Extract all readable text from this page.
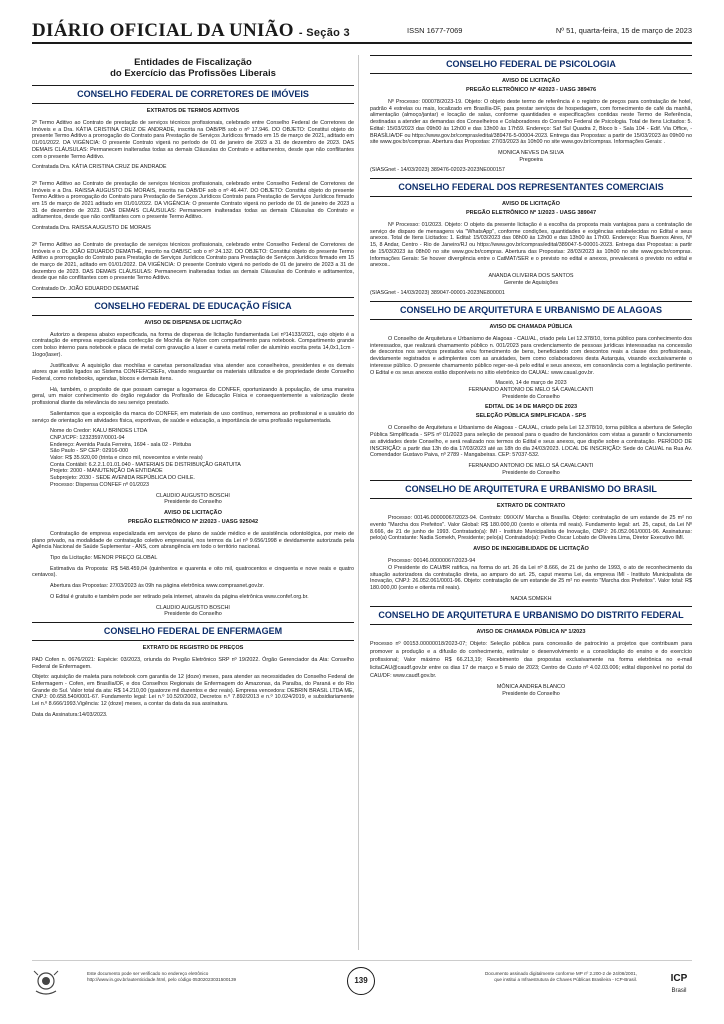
DIÁRIO OFICIAL DA UNIÃO - Seção 3	ISSN 1677-7069	Nº 51, quarta-feira, 15 de março de 2023
Entidades de Fiscalização
do Exercício das Profissões Liberais
CONSELHO FEDERAL DE CORRETORES DE IMÓVEIS
EXTRATOS DE TERMOS ADITIVOS
2º Termo Aditivo ao Contrato de prestação de serviços técnicos profissionais, celebrado entre Conselho Federal de Corretores de Imóveis e a Dra. KÁTIA CRISTINA CRUZ DE ANDRADE, inscrita na OAB/PB sob o nº 17.946. DO OBJETO: Constitui objeto do presente Termo Aditivo a prorrogação do Contrato para Prestação de Serviços Jurídicos firmado em 15 de março de 2021, aditado em 01/01/2022. DA VIGÊNCIA: O presente Contrato vigerá no período de 01 de janeiro de 2023 a 31 de dezembro de 2023. DAS DEMAIS CLÁUSULAS: Permanecem inalteradas todas as demais Cláusulas do Contrato e aditamentos, desde que não conflitantes com o presente Termo Aditivo.
Contratada Dra. KÁTIA CRISTINA CRUZ DE ANDRADE
2º Termo Aditivo ao Contrato de prestação de serviços técnicos profissionais, celebrado entre Conselho Federal de Corretores de Imóveis e a Dra. RAISSA AUGUSTO DE MORAIS, inscrita na OAB/DF sob o nº 46.447. DO OBJETO: Constitui objeto do presente Termo Aditivo a prorrogação do Contrato para Prestação de Serviços Jurídicos Contrato para Prestação de Serviços Jurídicos firmado em 15 de março de 2021 aditado em 01/01/2022. DA VIGÊNCIA: O presente Contrato vigerá no período de 01 de janeiro de 2023 a 31 de dezembro de 2023. DAS DEMAIS CLÁUSULAS: Permanecem inalteradas todas as demais Cláusulas do Contrato e aditamentos, desde que não conflitantes com o presente Termo Aditivo.
Contratada Dra. RAISSA AUGUSTO DE MORAIS
2º Termo Aditivo ao Contrato de prestação de serviços técnicos profissionais, celebrado entre Conselho Federal de Corretores de Imóveis e o Dr. JOÃO EDUARDO DEMATHÉ, inscrito na OAB/SC sob o nº 24.132. DO OBJETO: Constitui objeto do presente Termo Aditivo a prorrogação do Contrato para Prestação de Serviços Jurídicos Contrato para Prestação de Serviços Jurídicos firmado em 15 de março de 2021, aditado em 01/01/2022. DA VIGÊNCIA: O presente Contrato vigerá no período de 01 de janeiro de 2023 a 31 de dezembro de 2023. DAS DEMAIS CLÁUSULAS: Permanecem inalteradas todas as demais Cláusulas do Contrato e aditamentos, desde que não conflitantes com o presente Termo Aditivo.
Contratado Dr. JOÃO EDUARDO DEMATHÉ
CONSELHO FEDERAL DE EDUCAÇÃO FÍSICA
AVISO DE DISPENSA DE LICITAÇÃO
Autorizo a despesa abaixo especificada, na forma de dispensa de licitação fundamentada Lei nº14133/2021, cujo objeto é a contratação de empresa especializada confecção de Mochila de Nylon com compartimento para notebook. Compartimento grande com bolso interno para notebook e placa de metal com gravação a laser e caneta metal roller de alumínio escrita preta 14,0x1,1cm - 1logo(laser).
Justificativa: A aquisição das mochilas e canetas personalizadas visa atender aos conselheiros, presidentes e os demais atores que estão ligados ao Sistema CONFEF/CREFs, visando resguardar os materiais utilizados e de propriedade deste Conselho Federal, como notebooks, agendas, blocos e demais itens.
Há, também, o propósito de que possam carregar a logomarca do CONFEF, oportunizando à população, de uma maneira geral, um maior conhecimento do órgão regulador da Profissão de Educação Física e consequentemente a valorização deste profissional diante da relevância do seu serviço prestado.
Salientamos que a exposição da marca do CONFEF, em materiais de uso contínuo, rememora ao profissional e a usuário do serviço de orientação em atividades física, esportivas, de saúde e educação, a importância de uma profissão regulamentada.
Nome do Credor: KALU BRINDES LTDA
CNPJ/CPF: 12323597/0001-94
Endereço: Avenida Paula Ferreira, 1694 - sala 02 - Pirituba
São Paulo - SP CEP: 02916-000
Valor: R$ 35.920,00 (trinta e cinco mil, novecentos e vinte reais)
Conta Contábil: 6.2.2.1.01.01.040 - MATERIAIS DE DISTRIBUIÇÃO GRATUITA
Projeto: 2000 - MANUTENÇÃO DA ENTIDADE
Subprojeto: 2030 - SEDE AVENIDA REPÚBLICA DO CHILE.
Processo: Dispensa CONFEF nº 01/2023
CLAUDIO AUGUSTO BOSCHI
Presidente do Conselho
AVISO DE LICITAÇÃO
PREGÃO ELETRÔNICO Nº 2/2023 - UASG 925042
Contratação de empresa especializada em serviços de plano de saúde médico e de assistência odontológica, por meio de plano privado, na modalidade de contratação coletivo empresarial, nos termos da Lei nº 9.656/1998 e devidamente autorizada pela Agência Nacional de Saúde Suplementar - ANS, com abrangência em todo o território nacional.
Tipo da Licitação: MENOR PREÇO GLOBAL
Estimativa da Proposta: R$ 548.459,04 (quinhentos e quarenta e oito mil, quatrocentos e cinquenta e nove reais e quatro centavos).
Abertura das Propostas: 27/03/2023 às 09h na página eletrônica www.comprasnet.gov.br.
O Edital é gratuito e também pode ser retirado pela internet, através da página eletrônica www.confef.org.br.
CLAUDIO AUGUSTO BOSCHI
Presidente do Conselho
CONSELHO FEDERAL DE ENFERMAGEM
EXTRATO DE REGISTRO DE PREÇOS
PAD Cofen n. 0676/2021: Espécie: 03/2023, oriunda do Pregão Eletrônico SRP nº 19/2022. Órgão Gerenciador da Ata: Conselho Federal de Enfermagem.
Objeto: aquisição de maleta para notebook com garantia de 12 (doze) meses, para atender as necessidades do Conselho Federal de Enfermagem - Cofen, em Brasília/DF, e dos Conselhos Regionais de Enfermagem do Amazonas, da Paraíba, do Paraná e do Rio Grande do Sul. Valor total da ata: R$ 14.210,00 (quatorze mil duzentos e dez reais). Empresa vencedora: DEBRIN BRASIL LTDA ME, CNPJ: 00.658.540/0001-67. Fundamento legal: Lei n.º 10.520/2002, Decretos n.º 7.892/2013 e n.º 10.024/2019, e subsidiariamente Lei n.º 8.666/1993.Vigência: 12 (doze) meses, a contar da data da sua assinatura.
Data da Assinatura:14/03/2023.
CONSELHO FEDERAL DE PSICOLOGIA
AVISO DE LICITAÇÃO
PREGÃO ELETRÔNICO Nº 4/2023 - UASG 389476
Nº Processo: 000078/2023-19. Objeto: O objeto deste termo de referência é o registro de preços para contratação de hotel, padrão 4 estrelas ou mais, localizado em Brasília-DF, para prestar serviços de hospedagem, com fornecimento de café da manhã, alimentação (almoço/jantar) e locação de salas, conforme quantidades e especificações contidas neste Termo de Referência, destinadas a atender as demandas dos Conselheiros e Colaboradores do Conselho Federal de Psicologia. Total de Itens Licitados: 5. Edital: 15/03/2023 das 09h00 às 12h00 e das 13h00 às 17h59. Endereço: Saf Sul Quadra 2, Bloco b - Sala 104 - Edif. Via Office, - BRASÍLIA/DF ou https://www.gov.br/compras/edital/389476-5-00004-2023. Entrega das Propostas: a partir de 15/03/2023 às 09h00 no site www.gov.br/compras. Abertura das Propostas: 27/03/2023 às 10h00 no site www.gov.br/compras. Informações Gerais: .
MONICA NEVES DA SILVA
Pregoeira
(SIASGnet - 14/03/2023) 389476-02023-2023NE000157
CONSELHO FEDERAL DOS REPRESENTANTES COMERCIAIS
AVISO DE LICITAÇÃO
PREGÃO ELETRÔNICO Nº 1/2023 - UASG 389047
Nº Processo: 01/2023. Objeto: O objeto da presente licitação é a escolha da proposta mais vantajosa para a contratação de serviço de disparo de mensagens via "WhatsApp", conforme condições, quantidades e exigências estabelecidas no Edital e seus anexos. Total de Itens Licitados: 1. Edital: 15/03/2023 das 08h00 às 12h00 e das 13h00 às 17h00. Endereço: Rua Buenos Aires, Nº 15, 8 Andar, Centro - Rio de Janeiro/RJ ou https://www.gov.br/compras/edital/389047-5-00001-2023. Entrega das Propostas: a partir de 15/03/2023 às 08h00 no site www.gov.br/compras. Abertura das Propostas: 28/03/2023 às 10h00 no site www.gov.br/compras. Informações Gerais: Se houver divergência entre o CatMAT/SER e o previsto no edital e anexos, prevalecerá o previsto no edital e anexos..
ANANDA OLIVEIRA DOS SANTOS
Gerente de Aquisições
(SIASGnet - 14/03/2023) 389047-00001-2023NE800001
CONSELHO DE ARQUITETURA E URBANISMO DE ALAGOAS
AVISO DE CHAMADA PÚBLICA
O Conselho de Arquitetura e Urbanismo de Alagoas - CAU/AL, criado pela Lei 12.378/10, torna público para conhecimento dos interessados, que realizará chamamento público n. 001/2023 para credenciamento de pessoas jurídicas interessadas na concessão de descontos nos serviços prestados e/ou fornecimento de bens, beneficiando com descontos reais a classe dos profissionais, devidamente registrados e adimplentes com as anuidades, bem como colaboradores desta Autarquia, visando exclusivamente o interesse público. O presente chamamento público reger-se-á pelo edital e seus anexos, em consonância com a legislação pertinente. O Edital e os seus anexos estão disponíveis no sítio eletrônico do CAU/AL: www.caual.gov.br.
Maceió, 14 de março de 2023
FERNANDO ANTONIO DE MELO SÁ CAVALCANTI
Presidente do Conselho
EDITAL DE 14 DE MARÇO DE 2023
SELEÇÃO PÚBLICA SIMPLIFICADA - SPS
O Conselho de Arquitetura e Urbanismo de Alagoas - CAU/AL, criado pela Lei 12.378/10, torna pública a abertura de Seleção Pública Simplificada - SPS nº 01/2023 para seleção de pessoal para o quadro de funcionários com vistas a garantir o funcionamento as atividades deste Conselho, e será realizado nos termos do Edital e seus anexos, que dispõe sobre a contratação. PERÍODO DE INSCRIÇÃO: a partir das 13h do dia 17/03/2023 até as 18h do dia 24/03/2023. LOCAL DE INSCRIÇÃO: Sede do CAU/AL na Rua Av. Comendador Gustavo Paiva, nº 2789 - Mangabeiras. CEP: 57037-532.
FERNANDO ANTONIO DE MELO SÁ CAVALCANTI
Presidente do Conselho
CONSELHO DE ARQUITETURA E URBANISMO DO BRASIL
EXTRATO DE CONTRATO
Processo: 00146.00000067/2023-94. Contrato: 09/XXIV Marcha a Brasília. Objeto: contratação de um estande de 25 m² no evento "Marcha dos Prefeitos". Valor Global: R$ 180.000,00 (cento e oitenta mil reais). Fundamento legal: art. 25, caput, da Lei Nº 8.666, de 21 de junho de 1993. Contratado(a): IMI - Instituto Municipalista de Inovação, CNPJ: 26.052.061/0001-96. Assinaturas: pelo(a) Contratante: Nadia Somekh, Presidente; pelo(a) Contratado(a): Pedro Oscar Lobato de Oliveira Lima, Diretor Executivo IMI.
AVISO DE INEXIGIBILIDADE DE LICITAÇÃO
Processo: 00146.00000067/2023-94
O Presidente do CAU/BR ratifica, na forma do art. 26 da Lei nº 8.666, de 21 de junho de 1993, o ato de reconhecimento da situação autorizadora da contratação direta, ao amparo do art. 25, caput mesma Lei, da empresa IMI - Instituto Municipalista de Inovação, CNPJ: 26.052.061/0001-96. Objeto: contratação de um estande de 25 m² no evento "Marcha dos Prefeitos". Valor total: R$ 180.000,00 (cento e oitenta mil reais).
NADIA SOMEKH
CONSELHO DE ARQUITETURA E URBANISMO DO DISTRITO FEDERAL
AVISO DE CHAMADA PÚBLICA Nº 1/2023
Processo nº 00153.00000018/2023-07; Objeto: Seleção pública para concessão de patrocínio a projetos que contribuam para promover a produção e a difusão do conhecimento, estimular o desenvolvimento e a consolidação do ensino e do exercício profissional; Valor máximo R$ 66.213,19; Recebimento das propostas exclusivamente na forma eletrônica no e-mail licitaCAU@caudf.gov.br entre os dias 17 de março e 5 maio de 2023; Centro de Custo nº 4.02.03.006; edital disponível no portal do CAU/DF: www.caudf.gov.br.
MÔNICA ANDREA BLANCO
Presidente do Conselho
Este documento pode ser verificado no endereço eletrônico
http://www.in.gov.br/autenticidade.html, pelo código 05302023031500139	139
Documento assinado digitalmente conforme MP nº 2.200-2 de 24/08/2001,
que institui a Infraestrutura de Chaves Públicas Brasileira - ICP-Brasil.	ICP
Brasil
